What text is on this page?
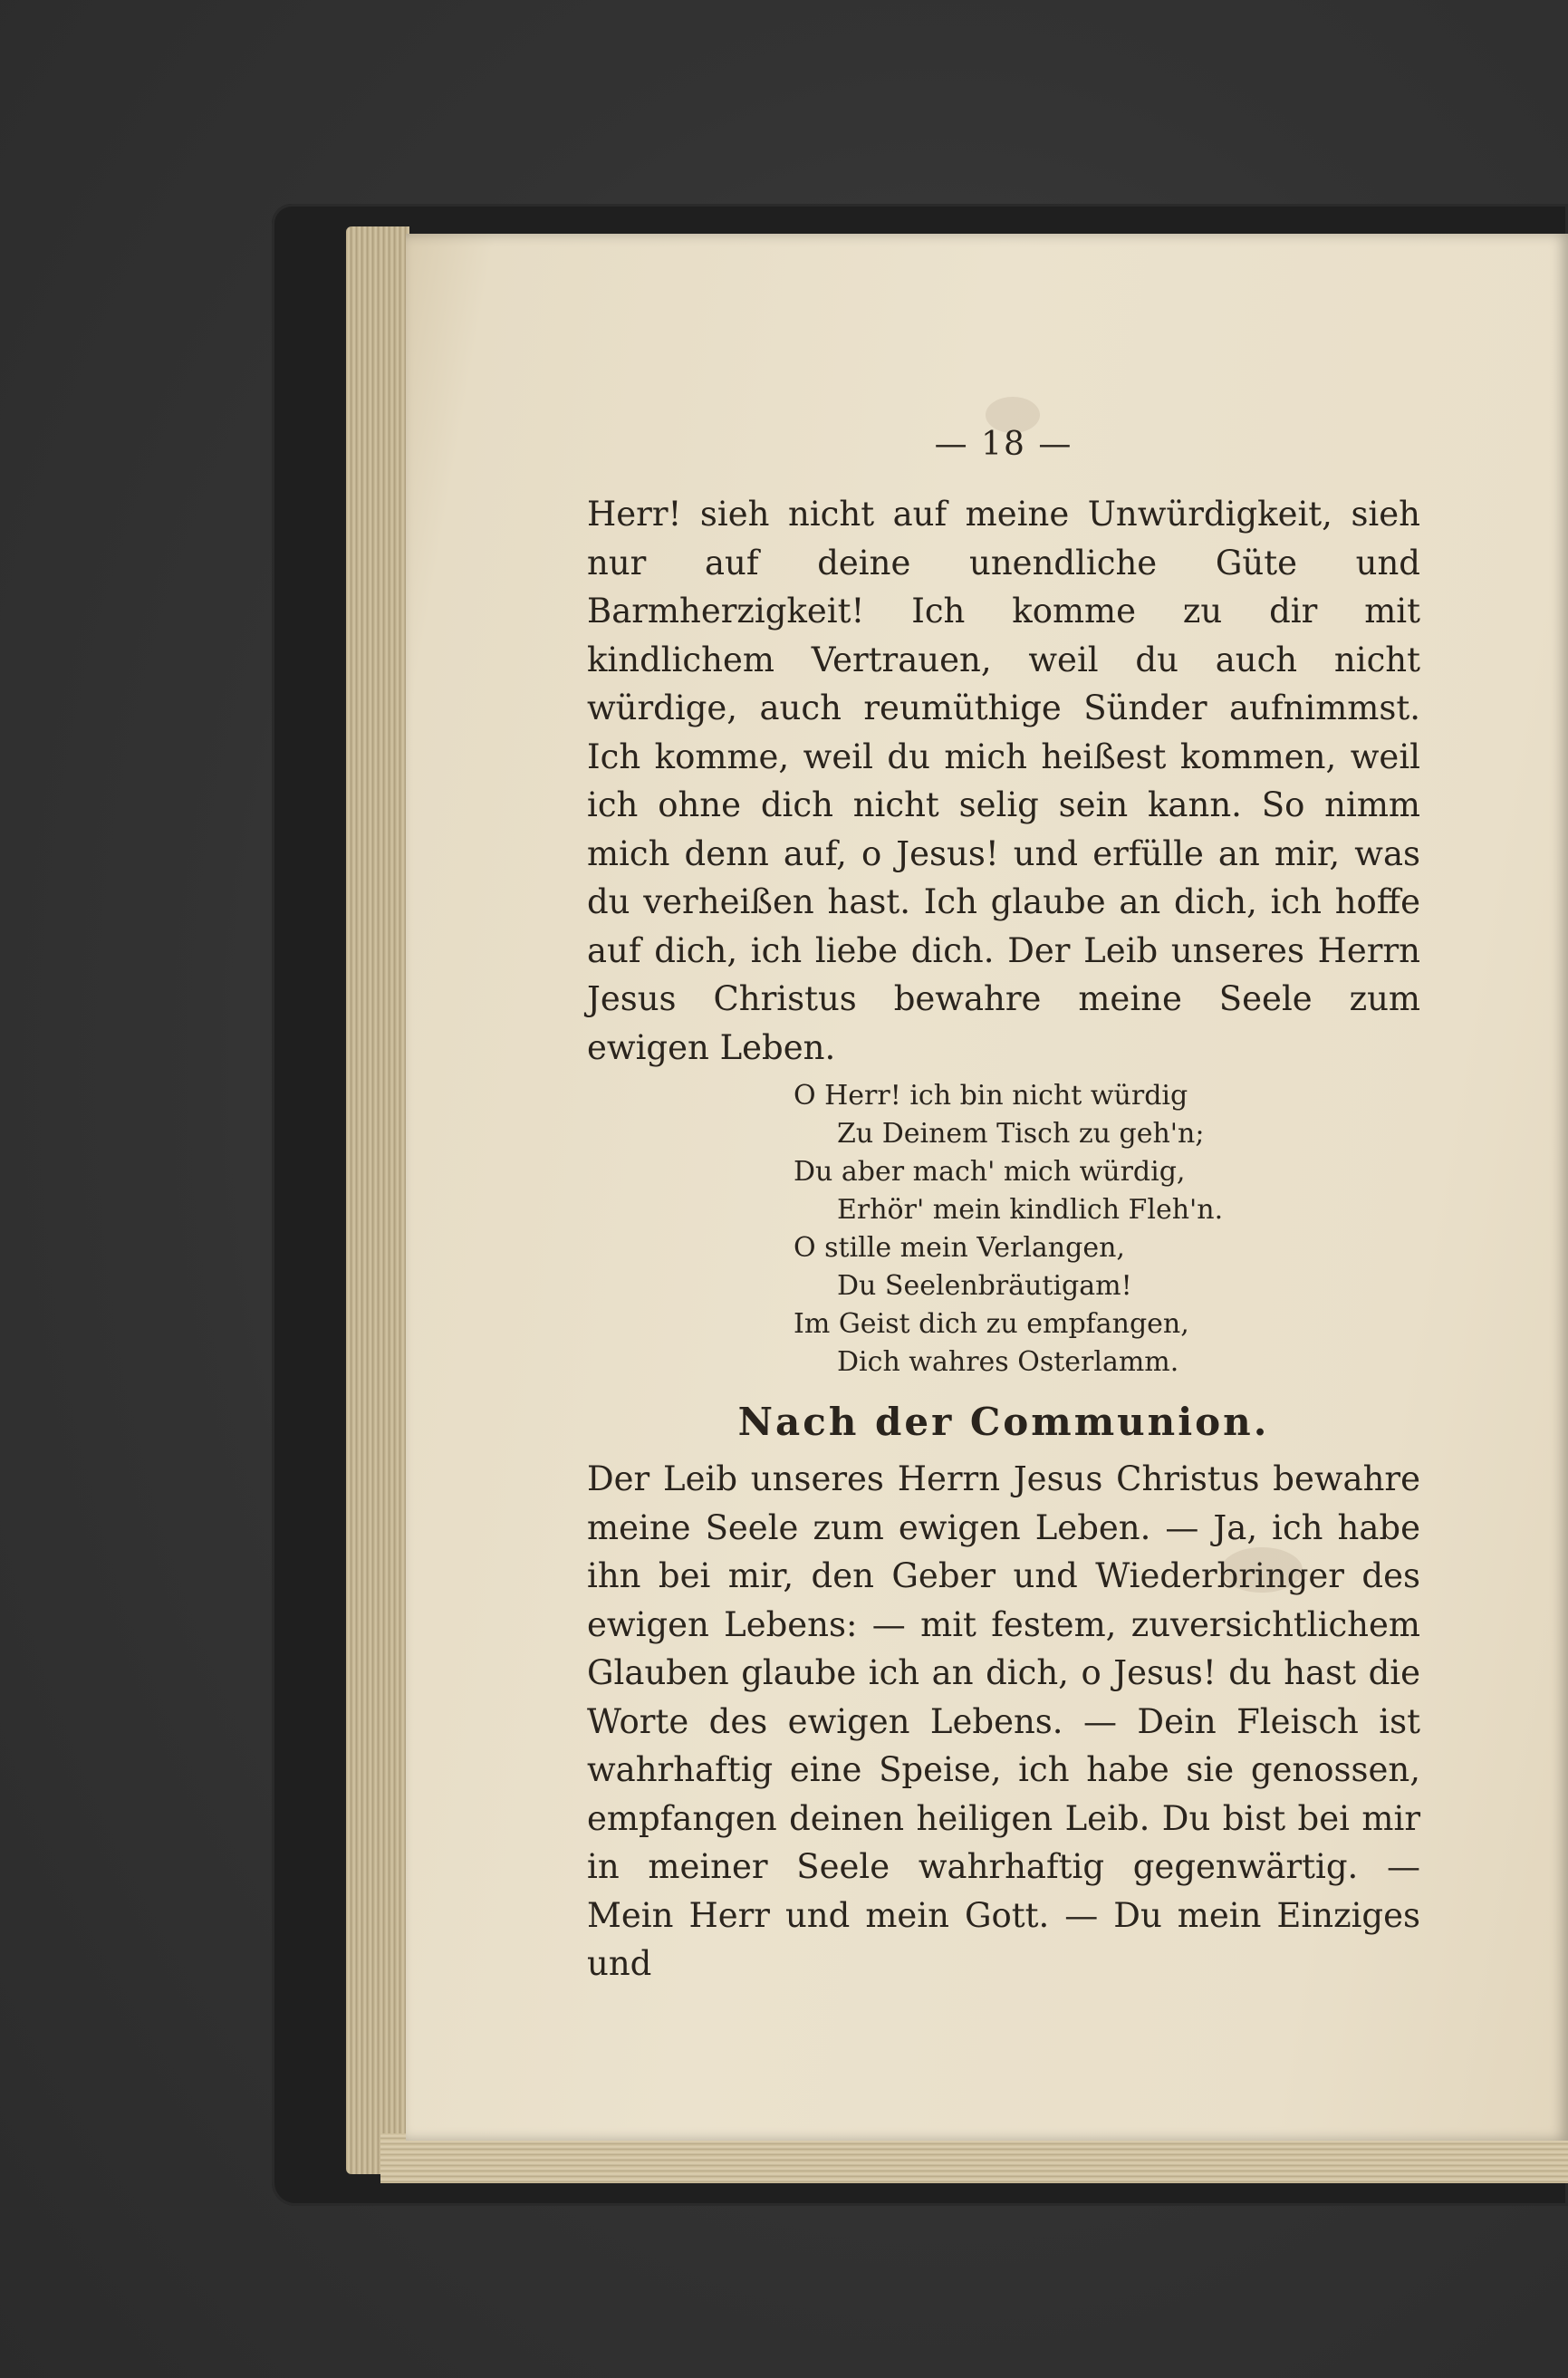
— 18 —

Herr! sieh nicht auf meine Unwürdigkeit, sieh nur auf deine unendliche Güte und Barmherzigkeit! Ich komme zu dir mit kindlichem Vertrauen, weil du auch nicht würdige, auch reumüthige Sünder aufnimmst. Ich komme, weil du mich heißest kommen, weil ich ohne dich nicht selig sein kann. So nimm mich denn auf, o Jesus! und erfülle an mir, was du verheißen hast. Ich glaube an dich, ich hoffe auf dich, ich liebe dich. Der Leib unseres Herrn Jesus Christus bewahre meine Seele zum ewigen Leben.

O Herr! ich bin nicht würdig
Zu Deinem Tisch zu geh'n;
Du aber mach' mich würdig,
Erhör' mein kindlich Fleh'n.
O stille mein Verlangen,
Du Seelenbräutigam!
Im Geist dich zu empfangen,
Dich wahres Osterlamm.
Nach der Communion.

Der Leib unseres Herrn Jesus Christus bewahre meine Seele zum ewigen Leben. — Ja, ich habe ihn bei mir, den Geber und Wiederbringer des ewigen Lebens: — mit festem, zuversichtlichem Glauben glaube ich an dich, o Jesus! du hast die Worte des ewigen Lebens. — Dein Fleisch ist wahrhaftig eine Speise, ich habe sie genossen, empfangen deinen heiligen Leib. Du bist bei mir in meiner Seele wahrhaftig gegenwärtig. — Mein Herr und mein Gott. — Du mein Einziges und
